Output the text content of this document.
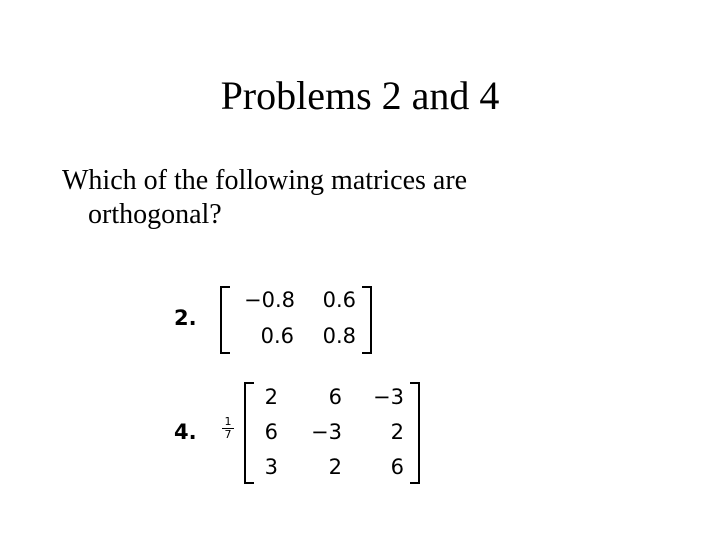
Problems 2 and 4
Which of the following matrices are
orthogonal?
2.
−0.8	0.6
0.6	0.8
4. $\frac{1}{7}$
2	6	−3
6	−3	2
3	2	6
